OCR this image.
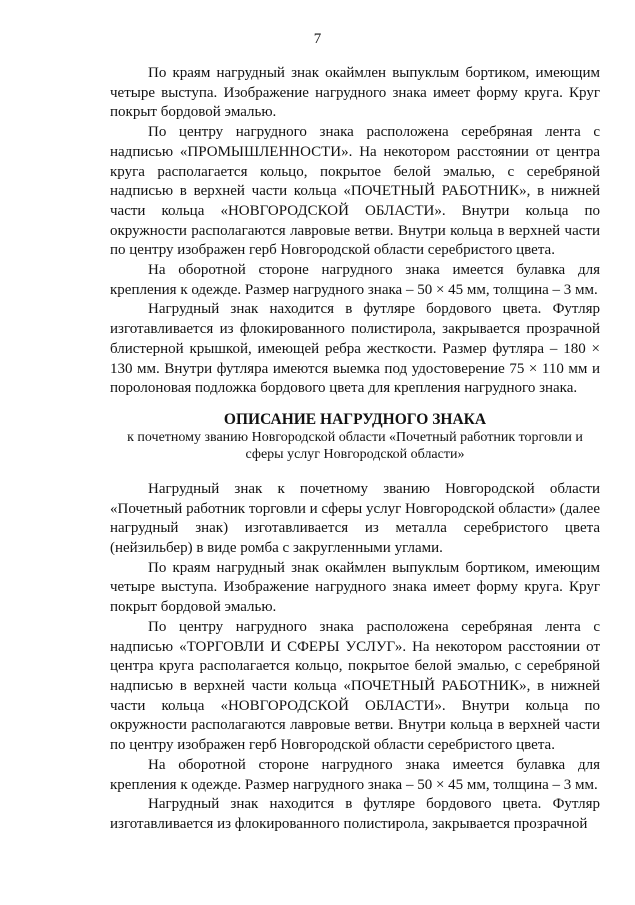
7

По краям нагрудный знак окаймлен выпуклым бортиком, имеющим четыре выступа. Изображение нагрудного знака имеет форму круга. Круг покрыт бордовой эмалью.

По центру нагрудного знака расположена серебряная лента с надписью «ПРОМЫШЛЕННОСТИ». На некотором расстоянии от центра круга располагается кольцо, покрытое белой эмалью, с серебряной надписью в верхней части кольца «ПОЧЕТНЫЙ РАБОТНИК», в нижней части кольца «НОВГОРОДСКОЙ ОБЛАСТИ». Внутри кольца по окружности располагаются лавровые ветви. Внутри кольца в верхней части по центру изображен герб Новгородской области серебристого цвета.

На оборотной стороне нагрудного знака имеется булавка для крепления к одежде. Размер нагрудного знака – 50 × 45 мм, толщина – 3 мм.

Нагрудный знак находится в футляре бордового цвета. Футляр изготавливается из флокированного полистирола, закрывается прозрачной блистерной крышкой, имеющей ребра жесткости. Размер футляра – 180 × 130 мм. Внутри футляра имеются выемка под удостоверение 75 × 110 мм и поролоновая подложка бордового цвета для крепления нагрудного знака.

ОПИСАНИЕ НАГРУДНОГО ЗНАКА

к почетному званию Новгородской области «Почетный работник торговли и сферы услуг Новгородской области»

Нагрудный знак к почетному званию Новгородской области «Почетный работник торговли и сферы услуг Новгородской области» (далее нагрудный знак) изготавливается из металла серебристого цвета (нейзильбер) в виде ромба с закругленными углами.

По краям нагрудный знак окаймлен выпуклым бортиком, имеющим четыре выступа. Изображение нагрудного знака имеет форму круга. Круг покрыт бордовой эмалью.

По центру нагрудного знака расположена серебряная лента с надписью «ТОРГОВЛИ И СФЕРЫ УСЛУГ». На некотором расстоянии от центра круга располагается кольцо, покрытое белой эмалью, с серебряной надписью в верхней части кольца «ПОЧЕТНЫЙ РАБОТНИК», в нижней части кольца «НОВГОРОДСКОЙ ОБЛАСТИ». Внутри кольца по окружности располагаются лавровые ветви. Внутри кольца в верхней части по центру изображен герб Новгородской области серебристого цвета.

На оборотной стороне нагрудного знака имеется булавка для крепления к одежде. Размер нагрудного знака – 50 × 45 мм, толщина – 3 мм.

Нагрудный знак находится в футляре бордового цвета. Футляр изготавливается из флокированного полистирола, закрывается прозрачной
